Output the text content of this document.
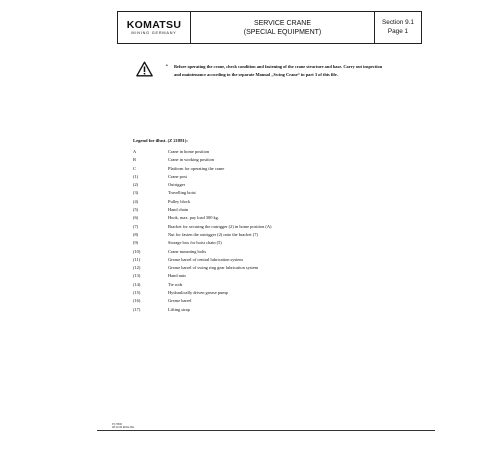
KOMATSU
MINING GERMANY
SERVICE CRANE
(SPECIAL EQUIPMENT)
Section 9.1
Page 1
• Before operating the crane, check condition and fastening of the crane structure and base. Carry out inspection and maintenance according to the separate Manual „Swing Crane“ in part 3 of this file.
Legend for illust. (Z 21881):
A	Crane in home position
B	Crane in working position
C	Platform for operating the crane
(1)	Crane post
(2)	Outrigger
(3)	Travelling hoist
(4)	Pulley block
(5)	Hand chain
(6)	Hook, max. pay load 300 kg.
(7)	Bracket for securing the outrigger (2) in home position (A)
(8)	Nut for fasten the outrigger (2) onto the bracket (7)
(9)	Storage box for hoist chain (5)
(10)	Crane mounting bolts
(11)	Grease barrel of central lubrication system
(12)	Grease barrel of swing ring gear lubrication system
(13)	Hand nuts
(14)	Tie rods
(15)	Hydraulically driven grease pump
(16)	Grease barrel
(17)	Lifting strap
PC 5500
08.10.09 ENGLISH
